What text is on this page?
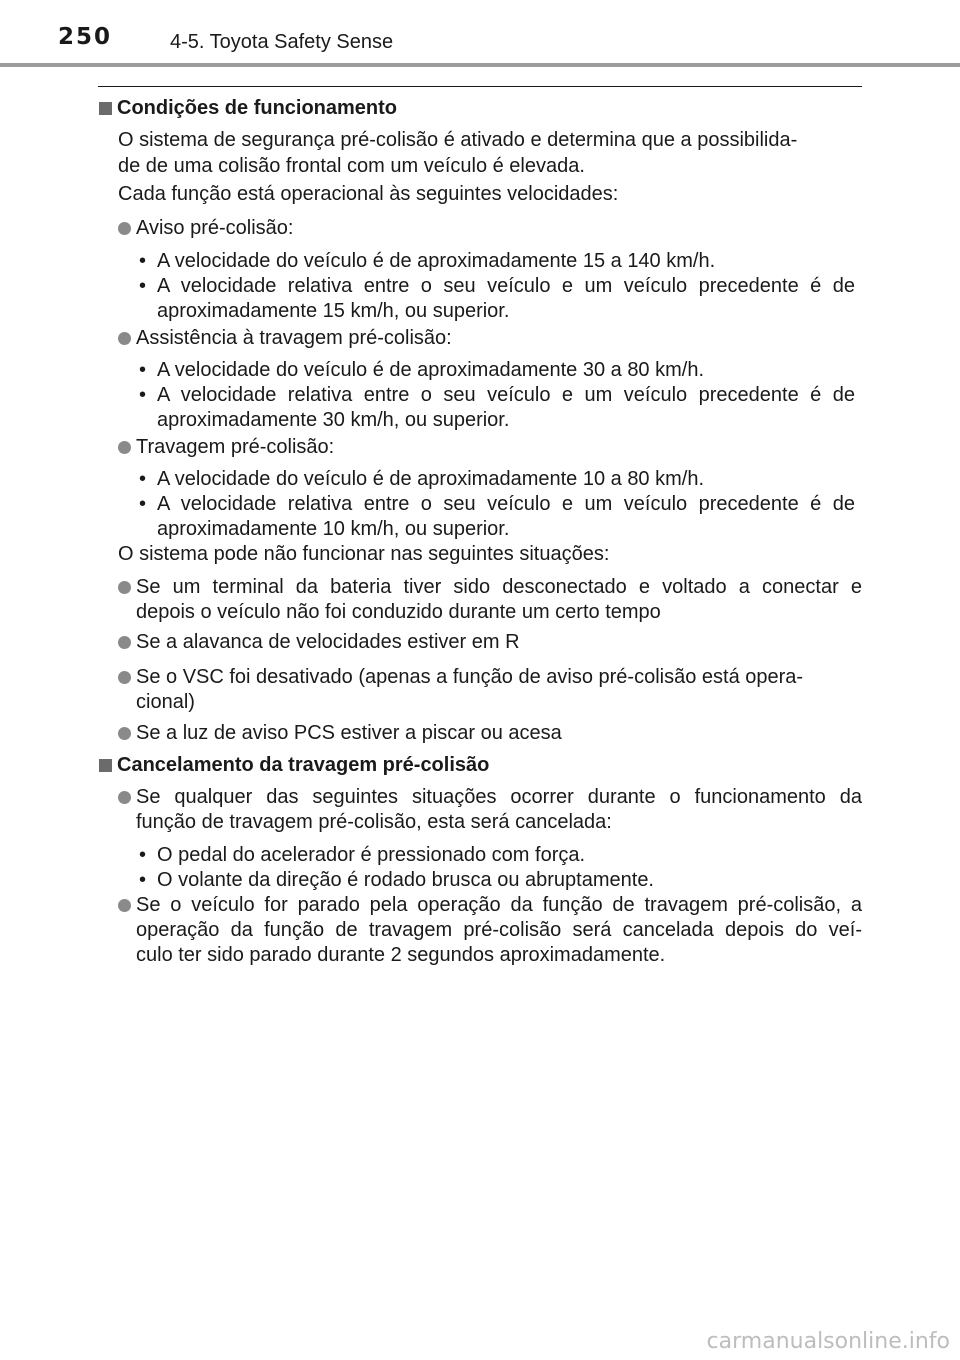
250	4-5. Toyota Safety Sense
Condições de funcionamento
O sistema de segurança pré-colisão é ativado e determina que a possibilida-
de de uma colisão frontal com um veículo é elevada.
Cada função está operacional às seguintes velocidades:
Aviso pré-colisão:
• A velocidade do veículo é de aproximadamente 15 a 140 km/h.
• A velocidade relativa entre o seu veículo e um veículo precedente é de
aproximadamente 15 km/h, ou superior.
Assistência à travagem pré-colisão:
• A velocidade do veículo é de aproximadamente 30 a 80 km/h.
• A velocidade relativa entre o seu veículo e um veículo precedente é de
aproximadamente 30 km/h, ou superior.
Travagem pré-colisão:
• A velocidade do veículo é de aproximadamente 10 a 80 km/h.
• A velocidade relativa entre o seu veículo e um veículo precedente é de
aproximadamente 10 km/h, ou superior.
O sistema pode não funcionar nas seguintes situações:
Se um terminal da bateria tiver sido desconectado e voltado a conectar e
depois o veículo não foi conduzido durante um certo tempo
Se a alavanca de velocidades estiver em R
Se o VSC foi desativado (apenas a função de aviso pré-colisão está opera-
cional)
Se a luz de aviso PCS estiver a piscar ou acesa
Cancelamento da travagem pré-colisão
Se qualquer das seguintes situações ocorrer durante o funcionamento da
função de travagem pré-colisão, esta será cancelada:
• O pedal do acelerador é pressionado com força.
• O volante da direção é rodado brusca ou abruptamente.
Se o veículo for parado pela operação da função de travagem pré-colisão, a
operação da função de travagem pré-colisão será cancelada depois do veí-
culo ter sido parado durante 2 segundos aproximadamente.
carmanualsonline.info
